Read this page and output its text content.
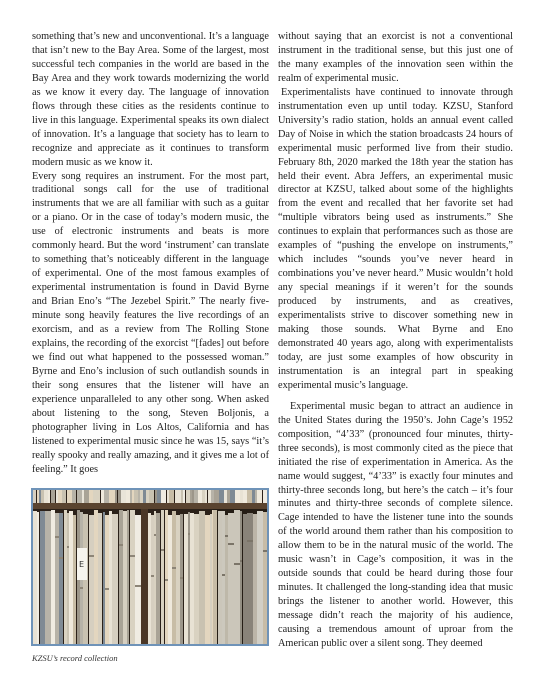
something that’s new and unconventional. It’s a language that isn’t new to the Bay Area. Some of the largest, most successful tech companies in the world are based in the Bay Area and they work towards modernizing the world as we know it every day. The language of innovation flows through these cities as the residents continue to live in this language. Experimental speaks its own dialect of innovation. It’s a language that society has to learn to recognize and appreciate as it continues to transform modern music as we know it.

Every song requires an instrument. For the most part, traditional songs call for the use of traditional instruments that we are all familiar with such as a guitar or a piano. Or in the case of today’s modern music, the use of electronic instruments and beats is more commonly heard. But the word ‘instrument’ can translate to something that’s noticeably different in the language of experimental. One of the most famous examples of experimental instrumentation is found in David Byrne and Brian Eno’s “The Jezebel Spirit.” The nearly five-minute song heavily features the live recordings of an exorcism, and as a review from The Rolling Stone explains, the recording of the exorcist “[fades] out before we find out what happened to the possessed woman.” Byrne and Eno’s inclusion of such outlandish sounds in their song ensures that the listener will have an experience unparalleled to any other song. When asked about listening to the song, Steven Boljonis, a photographer living in Los Altos, California and has listened to experimental music since he was 15, says “it’s really spooky and really amazing, and it gives me a lot of feeling.” It goes

E

KZSU’s record collection

without saying that an exorcist is not a conventional instrument in the traditional sense, but this just one of the many examples of the innovation seen within the realm of experimental music.

Experimentalists have continued to innovate through instrumentation even up until today. KZSU, Stanford University’s radio station, holds an annual event called Day of Noise in which the station broadcasts 24 hours of experimental music performed live from their studio. February 8th, 2020 marked the 18th year the station has held their event. Abra Jeffers, an experimental music director at KZSU, talked about some of the highlights from the event and recalled that her favorite set had “multiple vibrators being used as instruments.” She continues to explain that performances such as those are examples of “pushing the envelope on instruments,” which includes “sounds you’ve never heard in combinations you’ve never heard.” Music wouldn’t hold any special meanings if it weren’t for the sounds produced by instruments, and as creatives, experimentalists strive to discover something new in making those sounds. What Byrne and Eno demonstrated 40 years ago, along with experimentalists today, are just some examples of how obscurity in instrumentation is an integral part in speaking experimental music’s language.

Experimental music began to attract an audience in the United States during the 1950’s. John Cage’s 1952 composition, “4’33” (pronounced four minutes, thirty-three seconds), is most commonly cited as the piece that initiated the rise of experimentation in America. As the name would suggest, “4’33” is exactly four minutes and thirty-three seconds long, but here’s the catch – it’s four minutes and thirty-three seconds of complete silence. Cage intended to have the listener tune into the sounds of the world around them rather than his composition to allow them to be in the natural music of the world. The music wasn’t in Cage’s composition, it was in the outside sounds that could be heard during those four minutes. It challenged the long-standing idea that music brings the listener to another world. However, this message didn’t reach the majority of his audience, causing a tremendous amount of uproar from the American public over a silent song. They deemed
